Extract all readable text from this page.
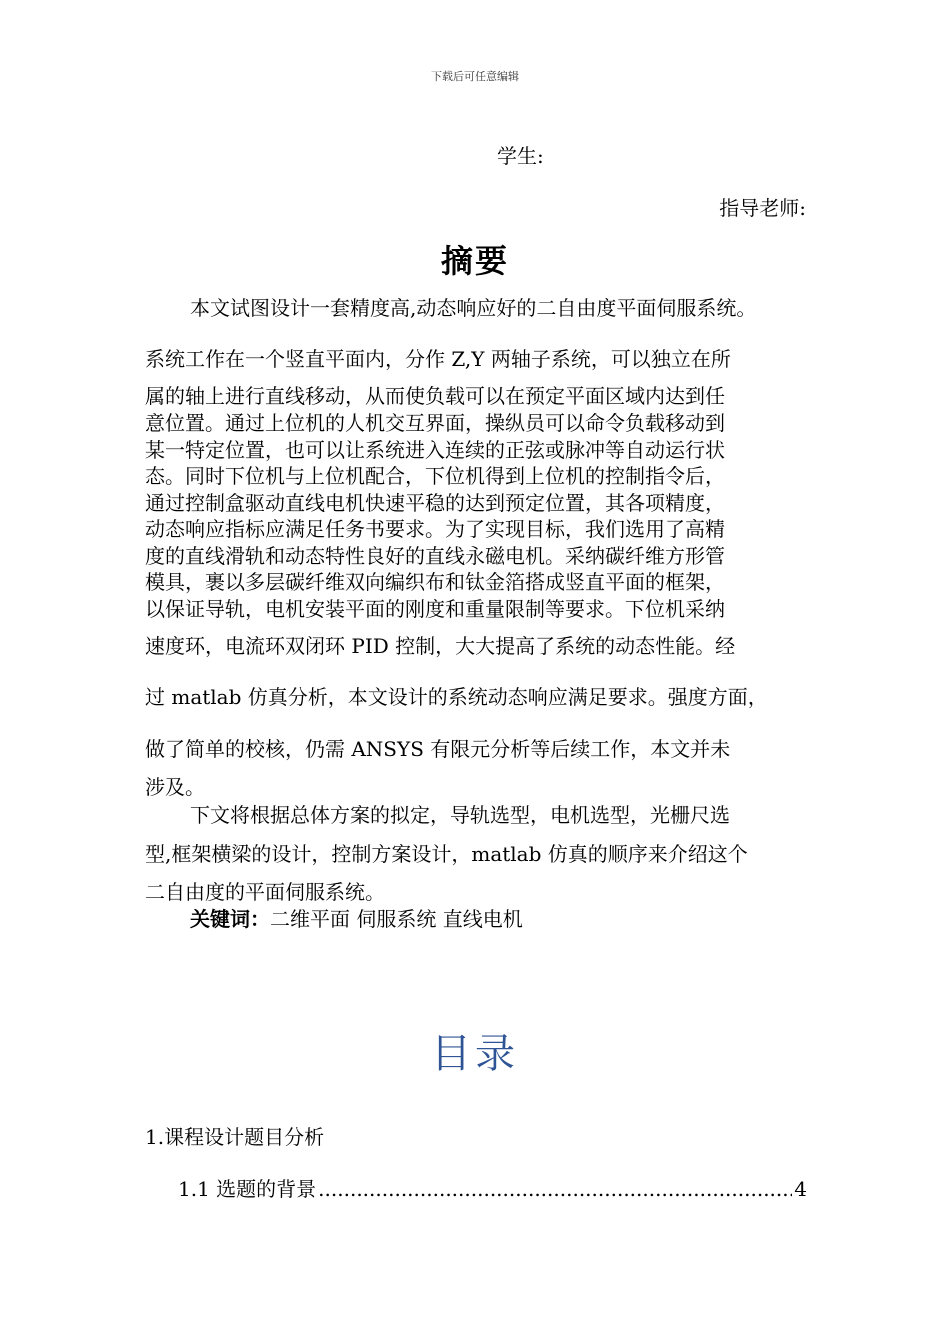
下载后可任意编辑
学生:
指导老师:
摘要
本文试图设计一套精度高,动态响应好的二自由度平面伺服系统。
系统工作在一个竖直平面内，分作 Z,Y 两轴子系统，可以独立在所
属的轴上进行直线移动，从而使负载可以在预定平面区域内达到任
意位置。通过上位机的人机交互界面，操纵员可以命令负载移动到
某一特定位置，也可以让系统进入连续的正弦或脉冲等自动运行状
态。同时下位机与上位机配合，下位机得到上位机的控制指令后，
通过控制盒驱动直线电机快速平稳的达到预定位置，其各项精度，
动态响应指标应满足任务书要求。为了实现目标，我们选用了高精
度的直线滑轨和动态特性良好的直线永磁电机。采纳碳纤维方形管
模具，裹以多层碳纤维双向编织布和钛金箔搭成竖直平面的框架，
以保证导轨，电机安装平面的刚度和重量限制等要求。下位机采纳
速度环，电流环双闭环 PID 控制，大大提高了系统的动态性能。经
过 matlab 仿真分析，本文设计的系统动态响应满足要求。强度方面，
做了简单的校核，仍需 ANSYS 有限元分析等后续工作，本文并未
涉及。
下文将根据总体方案的拟定，导轨选型，电机选型，光栅尺选
型,框架横梁的设计，控制方案设计，matlab 仿真的顺序来介绍这个
二自由度的平面伺服系统。
关键词：二维平面 伺服系统 直线电机
目录
1.课程设计题目分析
1.1 选题的背景
.....	4
